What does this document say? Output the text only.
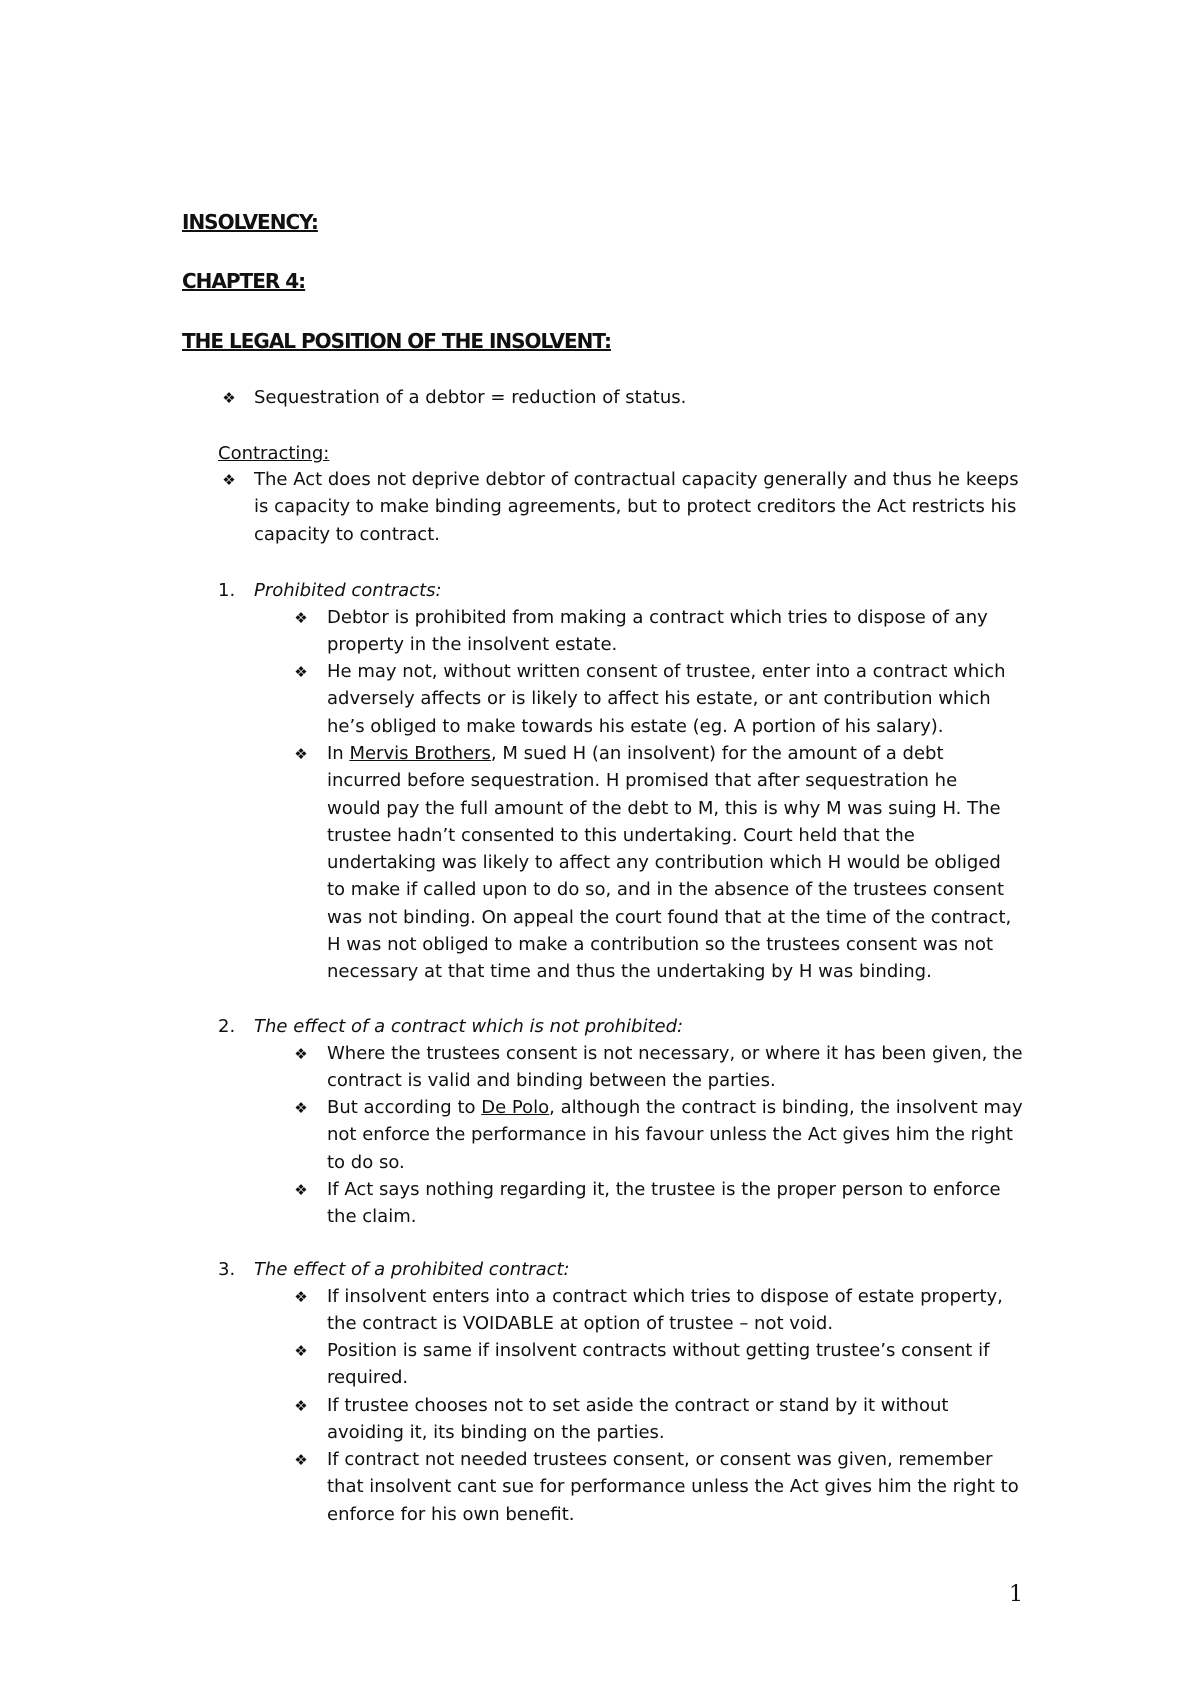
INSOLVENCY:
CHAPTER 4:
THE LEGAL POSITION OF THE INSOLVENT:
❖ Sequestration of a debtor = reduction of status.
Contracting:
❖ The Act does not deprive debtor of contractual capacity generally and thus he keeps
is capacity to make binding agreements, but to protect creditors the Act restricts his
capacity to contract.
1. Prohibited contracts:
❖ Debtor is prohibited from making a contract which tries to dispose of any
property in the insolvent estate.
❖ He may not, without written consent of trustee, enter into a contract which
adversely affects or is likely to affect his estate, or ant contribution which
he’s obliged to make towards his estate (eg. A portion of his salary).
❖ In Mervis Brothers, M sued H (an insolvent) for the amount of a debt
incurred before sequestration. H promised that after sequestration he
would pay the full amount of the debt to M, this is why M was suing H. The
trustee hadn’t consented to this undertaking. Court held that the
undertaking was likely to affect any contribution which H would be obliged
to make if called upon to do so, and in the absence of the trustees consent
was not binding. On appeal the court found that at the time of the contract,
H was not obliged to make a contribution so the trustees consent was not
necessary at that time and thus the undertaking by H was binding.
2. The effect of a contract which is not prohibited:
❖ Where the trustees consent is not necessary, or where it has been given, the
contract is valid and binding between the parties.
❖ But according to De Polo, although the contract is binding, the insolvent may
not enforce the performance in his favour unless the Act gives him the right
to do so.
❖ If Act says nothing regarding it, the trustee is the proper person to enforce
the claim.
3. The effect of a prohibited contract:
❖ If insolvent enters into a contract which tries to dispose of estate property,
the contract is VOIDABLE at option of trustee – not void.
❖ Position is same if insolvent contracts without getting trustee’s consent if
required.
❖ If trustee chooses not to set aside the contract or stand by it without
avoiding it, its binding on the parties.
❖ If contract not needed trustees consent, or consent was given, remember
that insolvent cant sue for performance unless the Act gives him the right to
enforce for his own benefit.
1
